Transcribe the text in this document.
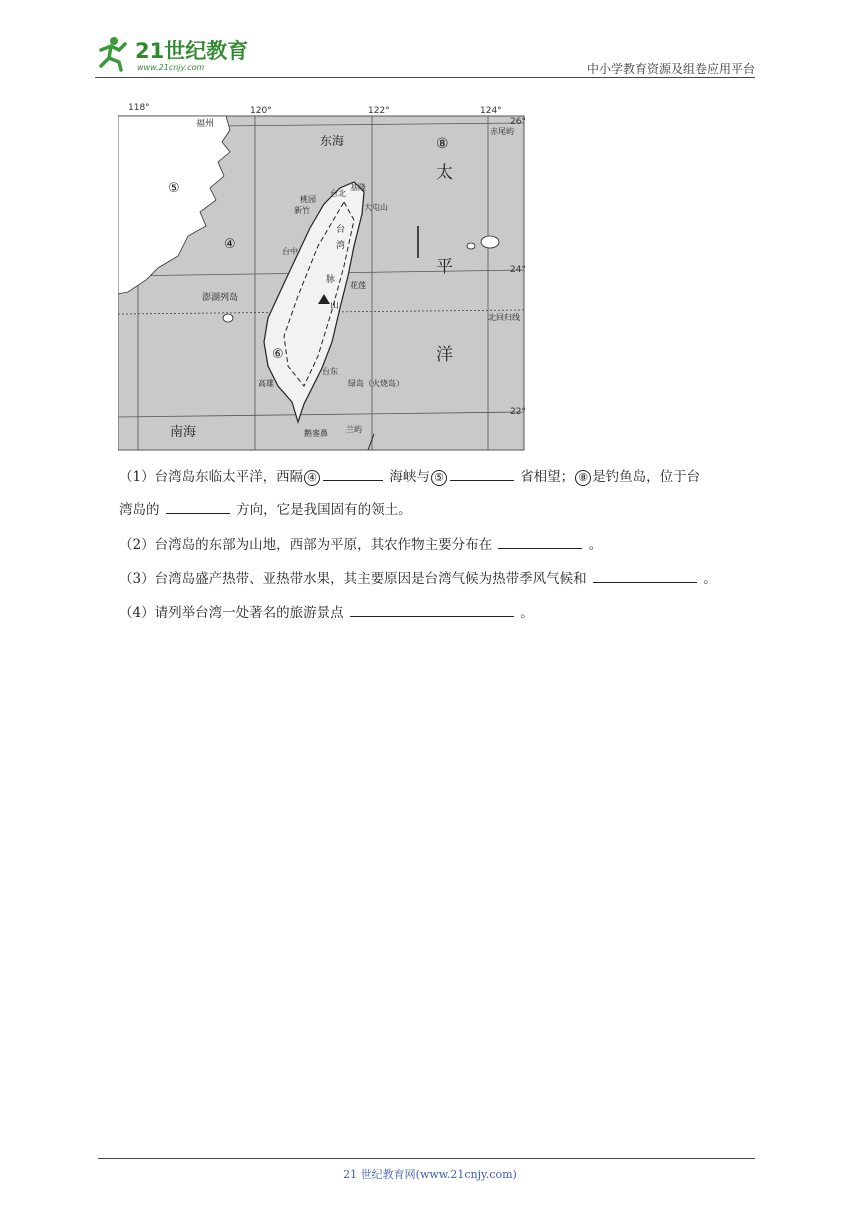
21世纪教育
www.21cnjy.com	中小学教育资源及组卷应用平台
118°	120°	122°	124°
26°
24°
22°
福州
东海
南海
太
平
洋
赤尾屿
澎湖列岛
台北
基隆
桃园
新竹	大屯山
台中
台
湾
脉
山
花莲
北回归线
台东
高雄	绿岛（火烧岛）
兰屿
鹅銮鼻
⑤
④
⑥
⑧
（1）台湾岛东临太平洋，西隔 ④	海峡与 ⑤	省相望； ⑧ 是钓鱼岛，位于台
湾岛的	方向，它是我国固有的领土。
（2）台湾岛的东部为山地，西部为平原，其农作物主要分布在	。
（3）台湾岛盛产热带、亚热带水果，其主要原因是台湾气候为热带季风气候和	。
（4）请列举台湾一处著名的旅游景点	。
21 世纪教育网(www.21cnjy.com)
